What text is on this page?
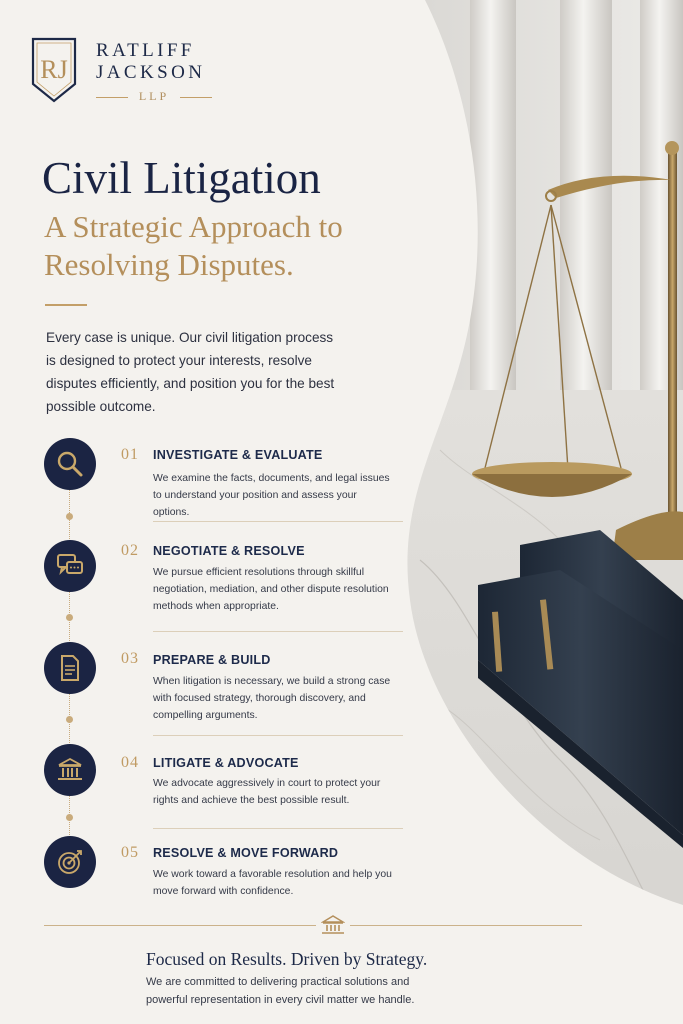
RJ
RATLIFF
JACKSON
LLP
Civil Litigation
A Strategic Approach to Resolving Disputes.

Every case is unique. Our civil litigation process is designed to protect your interests, resolve disputes efficiently, and position you for the best possible outcome.

01 INVESTIGATE & EVALUATE

We examine the facts, documents, and legal issues to understand your position and assess your options.

02 NEGOTIATE & RESOLVE

We pursue efficient resolutions through skillful negotiation, mediation, and other dispute resolution methods when appropriate.

03 PREPARE & BUILD

When litigation is necessary, we build a strong case with focused strategy, thorough discovery, and compelling arguments.

04 LITIGATE & ADVOCATE

We advocate aggressively in court to protect your rights and achieve the best possible result.

05 RESOLVE & MOVE FORWARD

We work toward a favorable resolution and help you move forward with confidence.

Focused on Results. Driven by Strategy.

We are committed to delivering practical solutions and powerful representation in every civil matter we handle.
